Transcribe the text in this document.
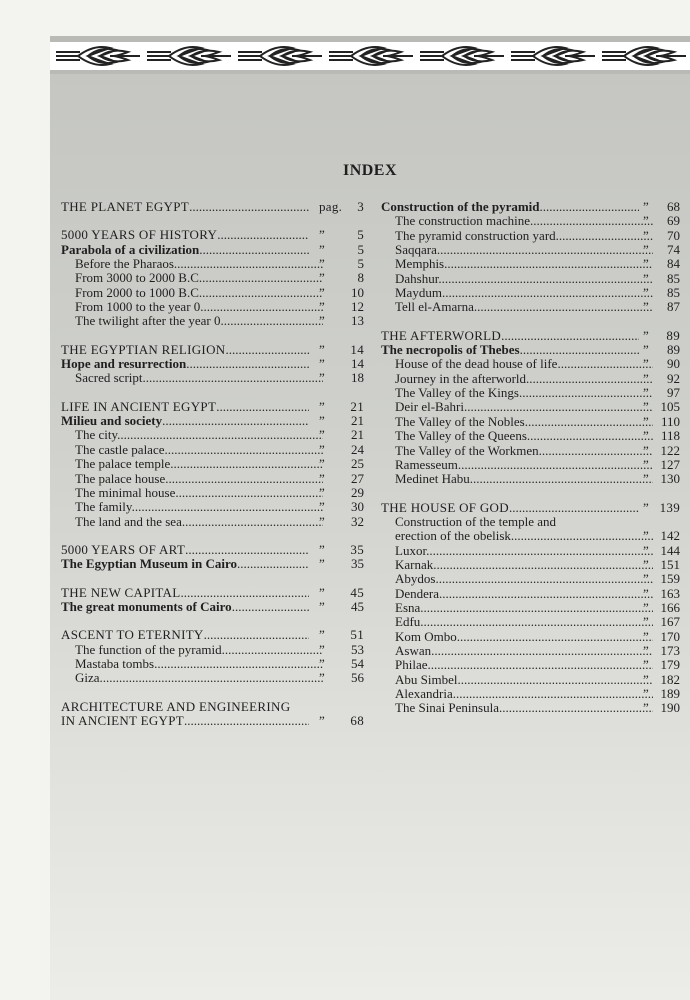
INDEX
THE PLANET EGYPT .....	pag. 3
5000 YEARS OF HISTORY .....	” 5
Parabola of a civilization .....	”	5
Before the Pharaos .....	”	5
From 3000 to 2000 B.C .....	”	8
From 2000 to 1000 B.C .....	” 10
From 1000 to the year 0 .....	” 12
The twilight after the year 0 .....	” 13
THE EGYPTIAN RELIGION .....	” 14
Hope and resurrection .....	” 14
Sacred script .....	” 18
LIFE IN ANCIENT EGYPT .....	” 21
Milieu and society .....	” 21
The city .....	” 21
The castle palace .....	” 24
The palace temple .....	” 25
The palace house .....	” 27
The minimal house .....	” 29
The family .....	” 30
The land and the sea .....	” 32
5000 YEARS OF ART .....	” 35
The Egyptian Museum in Cairo .....	” 35
THE NEW CAPITAL .....	” 45
The great monuments of Cairo .....	” 45
ASCENT TO ETERNITY .....	” 51
The function of the pyramid .....	” 53
Mastaba tombs .....	” 54
Giza .....	” 56
ARCHITECTURE AND ENGINEERING
IN ANCIENT EGYPT .....	” 68
Construction of the pyramid .....	” 68
The construction machine .....	” 69
The pyramid construction yard .....	” 70
Saqqara .....	” 74
Memphis .....	” 84
Dahshur .....	” 85
Maydum .....	” 85
Tell el-Amarna .....	” 87
THE AFTERWORLD .....	” 89
The necropolis of Thebes .....	” 89
House of the dead house of life .....	” 90
Journey in the afterworld .....	” 92
The Valley of the Kings .....	” 97
Deir el-Bahri .....	” 105
The Valley of the Nobles .....	” 110
The Valley of the Queens .....	” 118
The Valley of the Workmen .....	” 122
Ramesseum .....	” 127
Medinet Habu .....	” 130
THE HOUSE OF GOD .....	” 139
Construction of the temple and
erection of the obelisk .....	” 142
Luxor .....	” 144
Karnak .....	” 151
Abydos .....	” 159
Dendera .....	” 163
Esna .....	” 166
Edfu .....	” 167
Kom Ombo .....	” 170
Aswan .....	” 173
Philae .....	” 179
Abu Simbel .....	” 182
Alexandria .....	” 189
The Sinai Peninsula .....	” 190
